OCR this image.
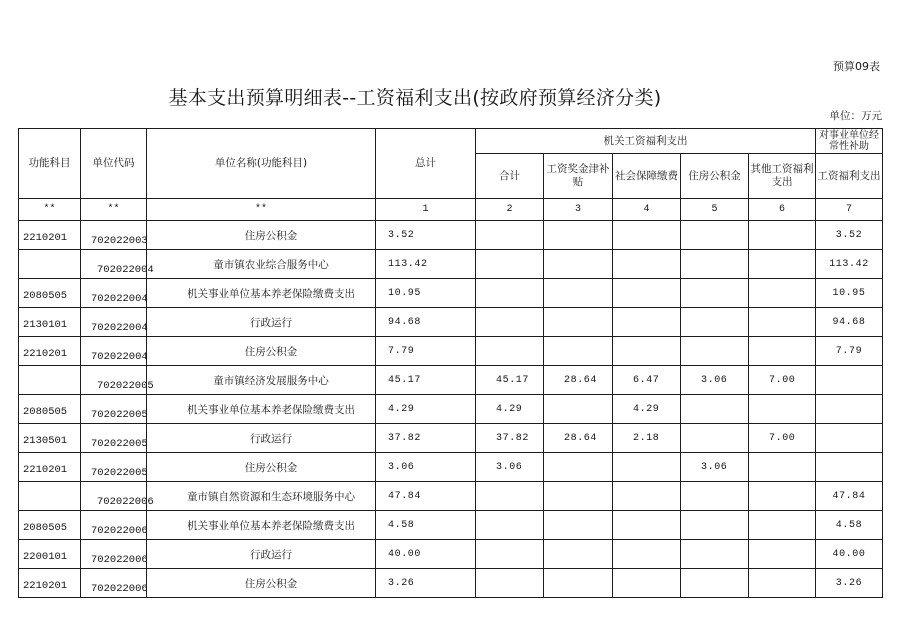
预算09表
基本支出预算明细表--工资福利支出(按政府预算经济分类)
单位：万元
功能科目	单位代码	单位名称(功能科目)	总计	机关工资福利支出					对事业单位经常性补助
				合计	工资奖金津补贴	社会保障缴费	住房公积金	其他工资福利支出	工资福利支出
**	**	**	1	2	3	4	5	6	7
2210201	702022003	住房公积金	3.52						3.52
	702022004	童市镇农业综合服务中心	113.42						113.42
2080505	702022004	机关事业单位基本养老保险缴费支出	10.95						10.95
2130101	702022004	行政运行	94.68						94.68
2210201	702022004	住房公积金	7.79						7.79
	702022005	童市镇经济发展服务中心	45.17	45.17	28.64	6.47	3.06	7.00	
2080505	702022005	机关事业单位基本养老保险缴费支出	4.29	4.29		4.29			
2130501	702022005	行政运行	37.82	37.82	28.64	2.18		7.00	
2210201	702022005	住房公积金	3.06	3.06			3.06		
	702022006	童市镇自然资源和生态环境服务中心	47.84						47.84
2080505	702022006	机关事业单位基本养老保险缴费支出	4.58						4.58
2200101	702022006	行政运行	40.00						40.00
2210201	702022006	住房公积金	3.26						3.26
